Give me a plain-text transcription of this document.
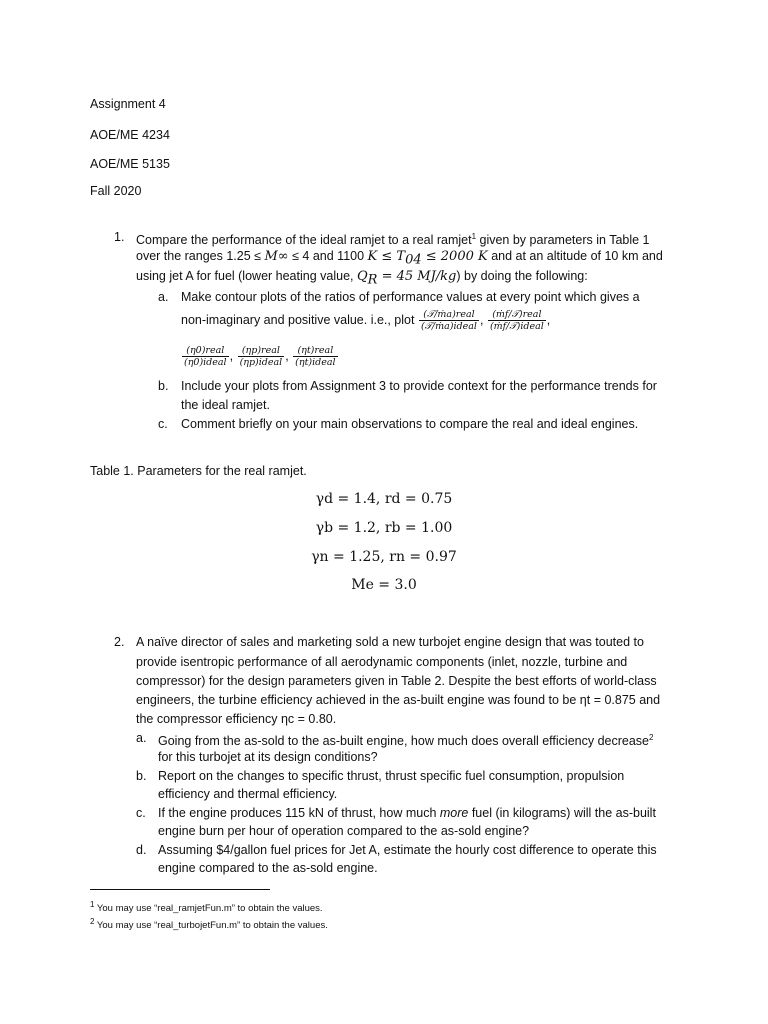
Assignment 4
AOE/ME 4234
AOE/ME 5135
Fall 2020
1. Compare the performance of the ideal ramjet to a real ramjet$^1$ given by parameters in Table 1
over the ranges 1.25 ≤ M∞ ≤ 4 and 1100 $K \le T_{04} \le 2000$ K and at an altitude of 10 km and
using jet A for fuel (lower heating value, $Q_R = 45$ MJ/kg) by doing the following:
a. Make contour plots of the ratios of performance values at every point which gives a
non-imaginary and positive value. i.e., plot $\frac{\text{(𝒯/ṁa)real}}{\text{(𝒯/ṁa)ideal}}$ , $\frac{\text{(ṁf/𝒯)real}}{\text{(ṁf/𝒯)ideal}}$ ,
$\frac{\text{(η0)real}}{\text{(η0)ideal}}$ , $\frac{\text{(ηp)real}}{\text{(ηp)ideal}}$ , $\frac{\text{(ηt)real}}{\text{(ηt)ideal}}$
b. Include your plots from Assignment 3 to provide context for the performance trends for
the ideal ramjet.
c. Comment briefly on your main observations to compare the real and ideal engines.
Table 1. Parameters for the real ramjet.
γd = 1.4, rd = 0.75
γb = 1.2, rb = 1.00
γn = 1.25, rn = 0.97
Me = 3.0
2. A naïve director of sales and marketing sold a new turbojet engine design that was touted to
provide isentropic performance of all aerodynamic components (inlet, nozzle, turbine and
compressor) for the design parameters given in Table 2. Despite the best efforts of world-class
engineers, the turbine efficiency achieved in the as-built engine was found to be ηt = 0.875 and
the compressor efficiency ηc = 0.80.
a. Going from the as-sold to the as-built engine, how much does overall efficiency decrease$^2$
for this turbojet at its design conditions?
b. Report on the changes to specific thrust, thrust specific fuel consumption, propulsion
efficiency and thermal efficiency.
c. If the engine produces 115 kN of thrust, how much more fuel (in kilograms) will the as-built
engine burn per hour of operation compared to the as-sold engine?
d. Assuming $4/gallon fuel prices for Jet A, estimate the hourly cost difference to operate this
engine compared to the as-sold engine.
$^1$ You may use “real_ramjetFun.m” to obtain the values.
$^2$ You may use “real_turbojetFun.m” to obtain the values.
